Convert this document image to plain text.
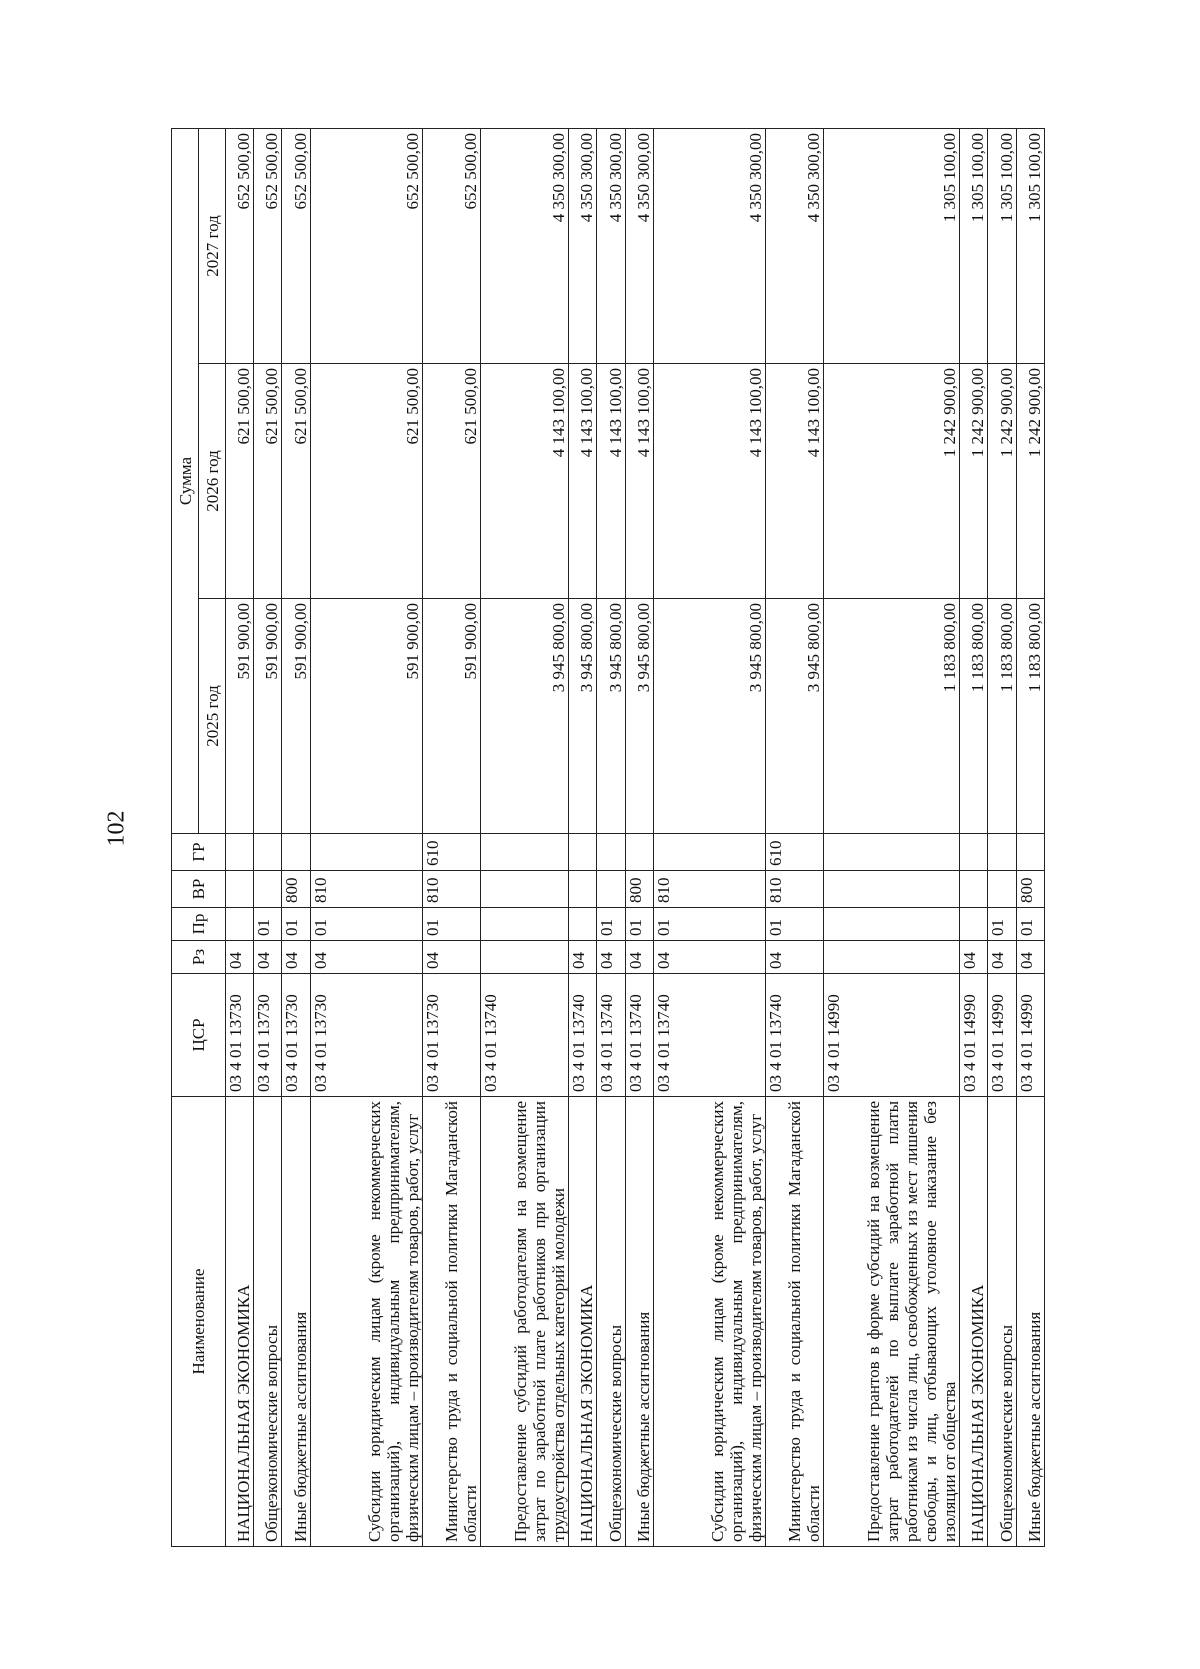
102
Наименование	ЦСР	Рз	Пр	ВР	ГР	Сумма		
						2025 год	2026 год	2027 год
НАЦИОНАЛЬНАЯ ЭКОНОМИКА	03 4 01 13730	04				591 900,00	621 500,00	652 500,00
Общеэкономические вопросы	03 4 01 13730	04	01			591 900,00	621 500,00	652 500,00
Иные бюджетные ассигнования	03 4 01 13730	04	01	800		591 900,00	621 500,00	652 500,00
Субсидии юридическим лицам (кроме некоммерческих организаций), индивидуальным предпринимателям, физическим лицам – производителям товаров, работ, услуг	03 4 01 13730	04	01	810		591 900,00	621 500,00	652 500,00
Министерство труда и социальной политики Магаданской области	03 4 01 13730	04	01	810	610	591 900,00	621 500,00	652 500,00
Предоставление субсидий работодателям на возмещение затрат по заработной плате работников при организации трудоустройства отдельных категорий молодежи	03 4 01 13740					3 945 800,00	4 143 100,00	4 350 300,00
НАЦИОНАЛЬНАЯ ЭКОНОМИКА	03 4 01 13740	04				3 945 800,00	4 143 100,00	4 350 300,00
Общеэкономические вопросы	03 4 01 13740	04	01			3 945 800,00	4 143 100,00	4 350 300,00
Иные бюджетные ассигнования	03 4 01 13740	04	01	800		3 945 800,00	4 143 100,00	4 350 300,00
Субсидии юридическим лицам (кроме некоммерческих организаций), индивидуальным предпринимателям, физическим лицам – производителям товаров, работ, услуг	03 4 01 13740	04	01	810		3 945 800,00	4 143 100,00	4 350 300,00
Министерство труда и социальной политики Магаданской области	03 4 01 13740	04	01	810	610	3 945 800,00	4 143 100,00	4 350 300,00
Предоставление грантов в форме субсидий на возмещение затрат работодателей по выплате заработной платы работникам из числа лиц, освобожденных из мест лишения свободы, и лиц, отбывающих уголовное наказание без изоляции от общества	03 4 01 14990					1 183 800,00	1 242 900,00	1 305 100,00
НАЦИОНАЛЬНАЯ ЭКОНОМИКА	03 4 01 14990	04				1 183 800,00	1 242 900,00	1 305 100,00
Общеэкономические вопросы	03 4 01 14990	04	01			1 183 800,00	1 242 900,00	1 305 100,00
Иные бюджетные ассигнования	03 4 01 14990	04	01	800		1 183 800,00	1 242 900,00	1 305 100,00
